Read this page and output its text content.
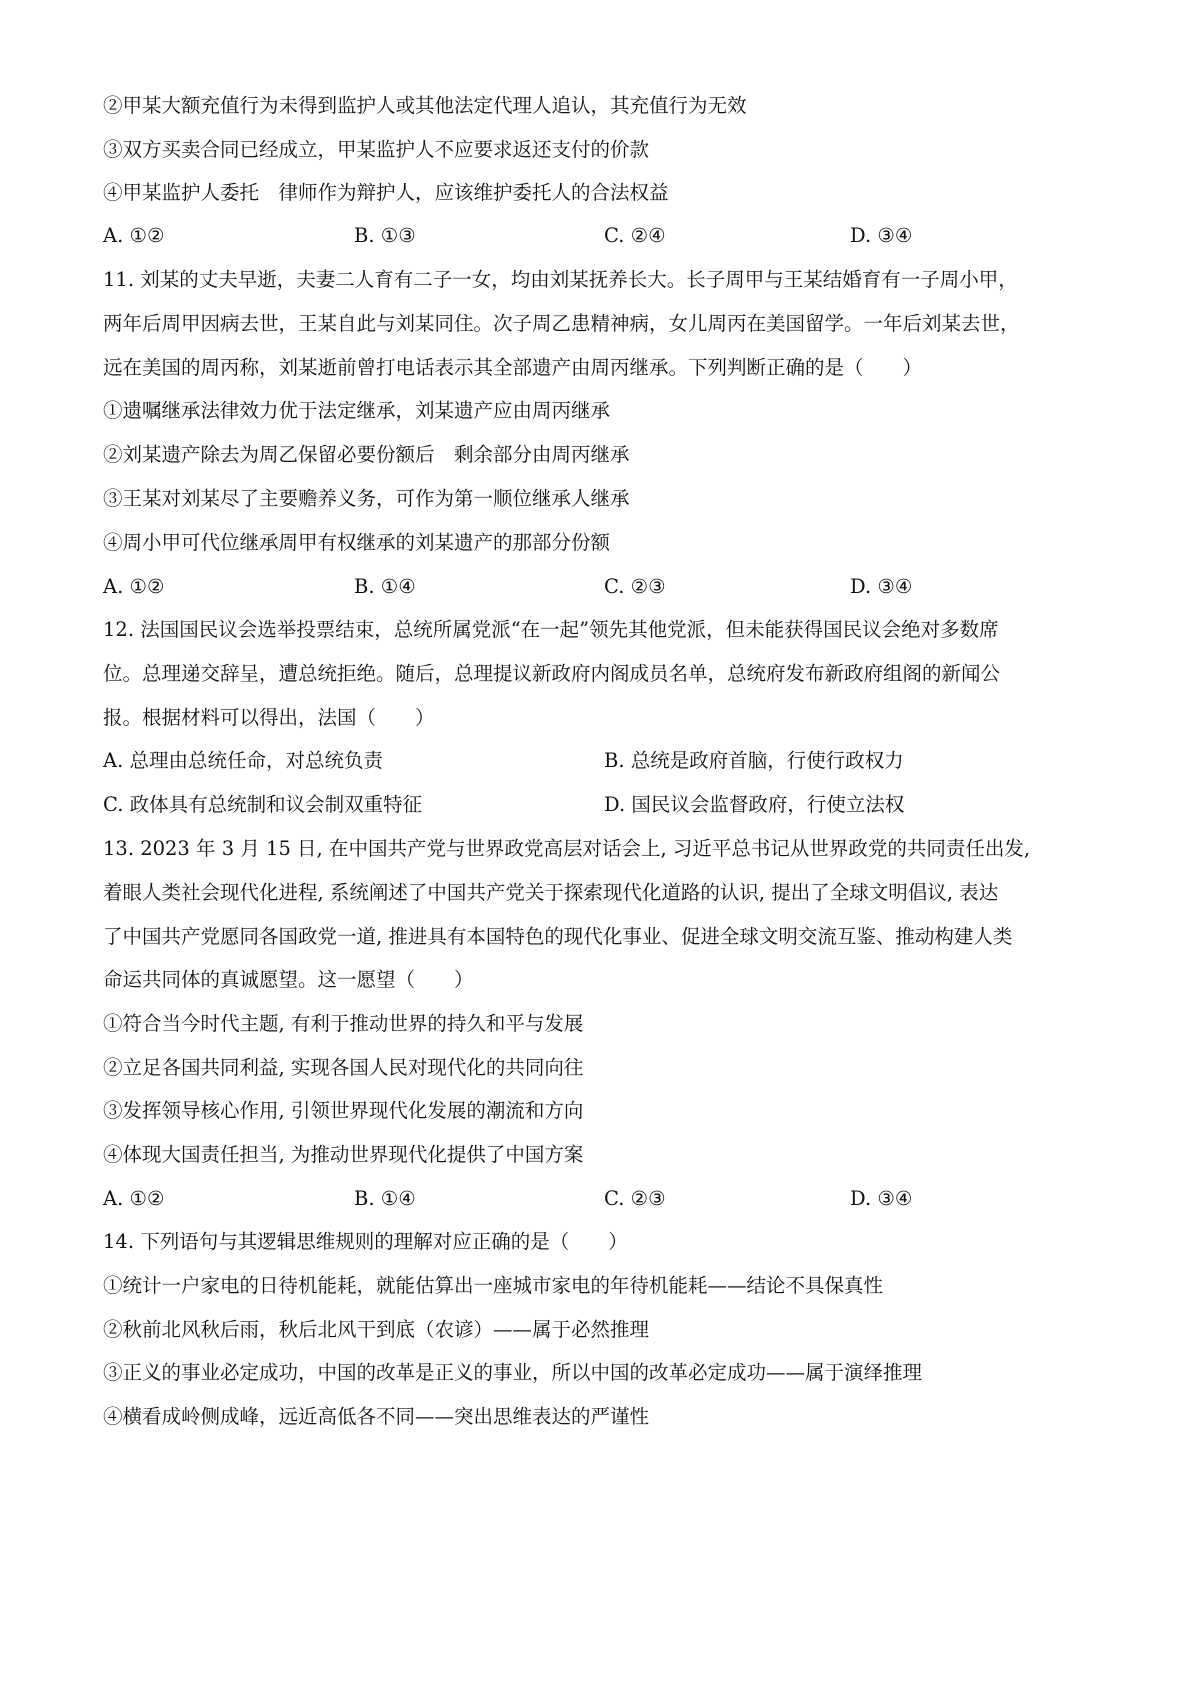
②甲某大额充值行为未得到监护人或其他法定代理人追认，其充值行为无效
③双方买卖合同已经成立，甲某监护人不应要求返还支付的价款
④甲某监护人委托　律师作为辩护人，应该维护委托人的合法权益
A. ①②	B. ①③	C. ②④	D. ③④
11. 刘某的丈夫早逝，夫妻二人育有二子一女，均由刘某抚养长大。长子周甲与王某结婚育有一子周小甲，
两年后周甲因病去世，王某自此与刘某同住。次子周乙患精神病，女儿周丙在美国留学。一年后刘某去世，
远在美国的周丙称，刘某逝前曾打电话表示其全部遗产由周丙继承。下列判断正确的是（　　）
①遗嘱继承法律效力优于法定继承，刘某遗产应由周丙继承
②刘某遗产除去为周乙保留必要份额后　剩余部分由周丙继承
③王某对刘某尽了主要赡养义务，可作为第一顺位继承人继承
④周小甲可代位继承周甲有权继承的刘某遗产的那部分份额
A. ①②	B. ①④	C. ②③	D. ③④
12. 法国国民议会选举投票结束，总统所属党派“在一起”领先其他党派，但未能获得国民议会绝对多数席
位。总理递交辞呈，遭总统拒绝。随后，总理提议新政府内阁成员名单，总统府发布新政府组阁的新闻公
报。根据材料可以得出，法国（　　）
A. 总理由总统任命，对总统负责	B. 总统是政府首脑，行使行政权力
C. 政体具有总统制和议会制双重特征	D. 国民议会监督政府，行使立法权
13. 2023 年 3 月 15 日, 在中国共产党与世界政党高层对话会上, 习近平总书记从世界政党的共同责任出发,
着眼人类社会现代化进程, 系统阐述了中国共产党关于探索现代化道路的认识, 提出了全球文明倡议, 表达
了中国共产党愿同各国政党一道, 推进具有本国特色的现代化事业、促进全球文明交流互鉴、推动构建人类
命运共同体的真诚愿望。这一愿望（　　）
①符合当今时代主题, 有利于推动世界的持久和平与发展
②立足各国共同利益, 实现各国人民对现代化的共同向往
③发挥领导核心作用, 引领世界现代化发展的潮流和方向
④体现大国责任担当, 为推动世界现代化提供了中国方案
A. ①②	B. ①④	C. ②③	D. ③④
14. 下列语句与其逻辑思维规则的理解对应正确的是（　　）
①统计一户家电的日待机能耗，就能估算出一座城市家电的年待机能耗——结论不具保真性
②秋前北风秋后雨，秋后北风干到底（农谚）——属于必然推理
③正义的事业必定成功，中国的改革是正义的事业，所以中国的改革必定成功——属于演绎推理
④横看成岭侧成峰，远近高低各不同——突出思维表达的严谨性
